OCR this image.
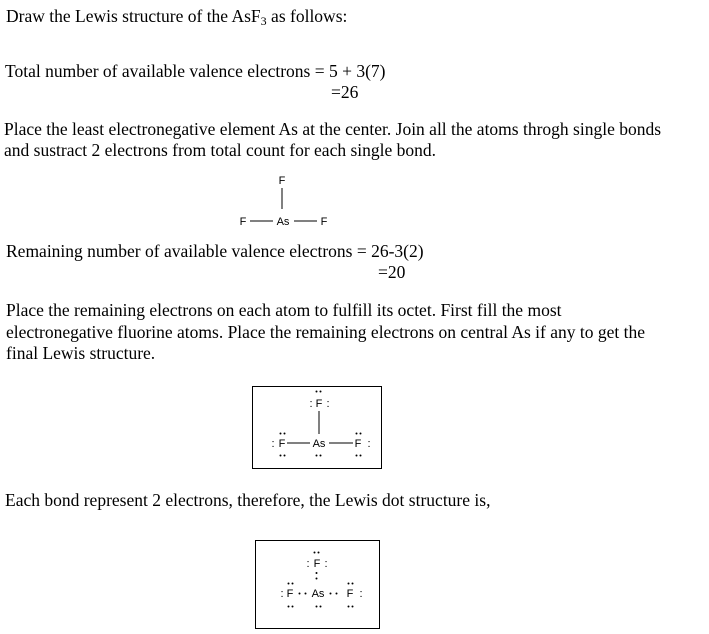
Draw the Lewis structure of the AsF$_3$ as follows:

Total number of available valence electrons = 5 + 3(7)

=26

Place the least electronegative element As at the center. Join all the atoms throgh single bonds

and sustract 2 electrons from total count for each single bond.

F
F	As	F

Remaining number of available valence electrons = 26-3(2)

=20

Place the remaining electrons on each atom to fulfill its octet. First fill the most

electronegative fluorine atoms. Place the remaining electrons on central As if any to get the

final Lewis structure.

: F :
: F As	F :

Each bond represent 2 electrons, therefore, the Lewis dot structure is,

: F :
: F As F :
